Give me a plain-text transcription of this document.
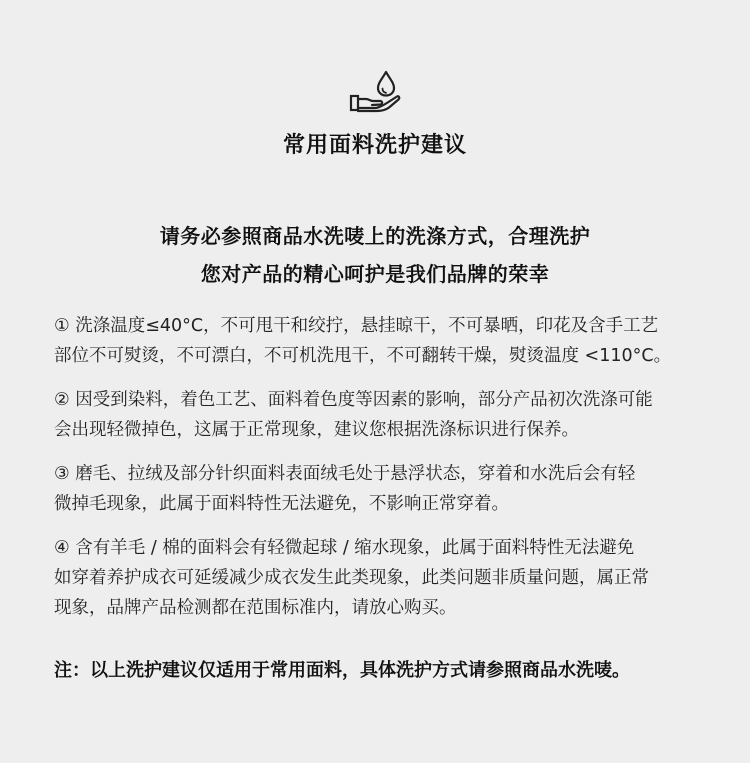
常用面料洗护建议
请务必参照商品水洗唛上的洗涤方式，合理洗护
您对产品的精心呵护是我们品牌的荣幸
① 洗涤温度≤40°C，不可甩干和绞拧，悬挂晾干，不可暴晒，印花及含手工艺
部位不可熨烫，不可漂白，不可机洗甩干，不可翻转干燥，熨烫温度 <110°C。
② 因受到染料，着色工艺、面料着色度等因素的影响，部分产品初次洗涤可能
会出现轻微掉色，这属于正常现象，建议您根据洗涤标识进行保养。
③ 磨毛、拉绒及部分针织面料表面绒毛处于悬浮状态，穿着和水洗后会有轻
微掉毛现象，此属于面料特性无法避免，不影响正常穿着。
④ 含有羊毛 / 棉的面料会有轻微起球 / 缩水现象，此属于面料特性无法避免
如穿着养护成衣可延缓减少成衣发生此类现象，此类问题非质量问题，属正常
现象，品牌产品检测都在范围标准内，请放心购买。
注：以上洗护建议仅适用于常用面料，具体洗护方式请参照商品水洗唛。
